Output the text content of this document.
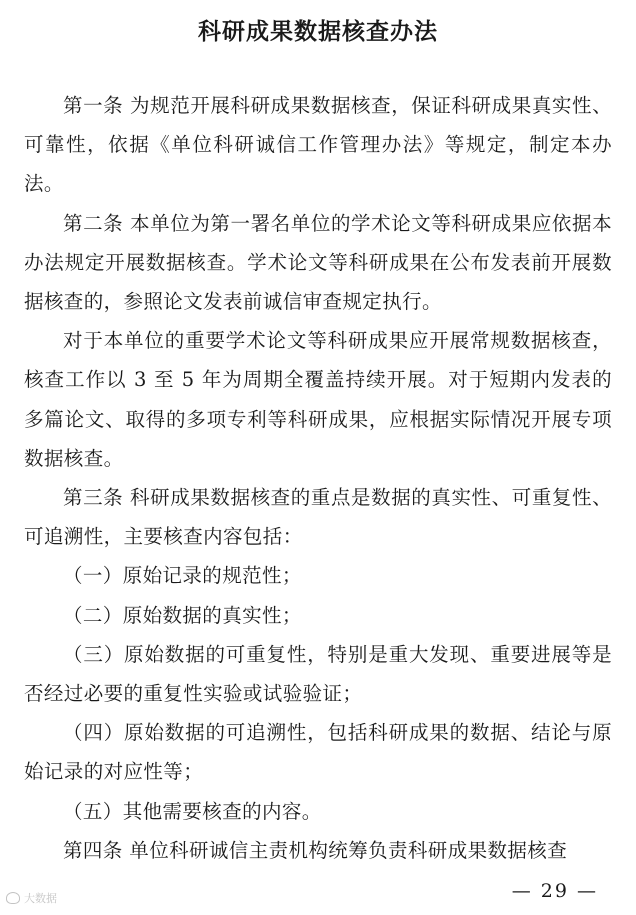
科研成果数据核查办法

第一条 为规范开展科研成果数据核查，保证科研成果真实性、可靠性，依据《单位科研诚信工作管理办法》等规定，制定本办法。

第二条 本单位为第一署名单位的学术论文等科研成果应依据本办法规定开展数据核查。学术论文等科研成果在公布发表前开展数据核查的，参照论文发表前诚信审查规定执行。

对于本单位的重要学术论文等科研成果应开展常规数据核查，核查工作以 3 至 5 年为周期全覆盖持续开展。对于短期内发表的多篇论文、取得的多项专利等科研成果，应根据实际情况开展专项数据核查。

第三条 科研成果数据核查的重点是数据的真实性、可重复性、可追溯性，主要核查内容包括：

（一）原始记录的规范性；

（二）原始数据的真实性；

（三）原始数据的可重复性，特别是重大发现、重要进展等是否经过必要的重复性实验或试验验证；

（四）原始数据的可追溯性，包括科研成果的数据、结论与原始记录的对应性等；

（五）其他需要核查的内容。

第四条 单位科研诚信主责机构统筹负责科研成果数据核查

— 29 —
大数据
